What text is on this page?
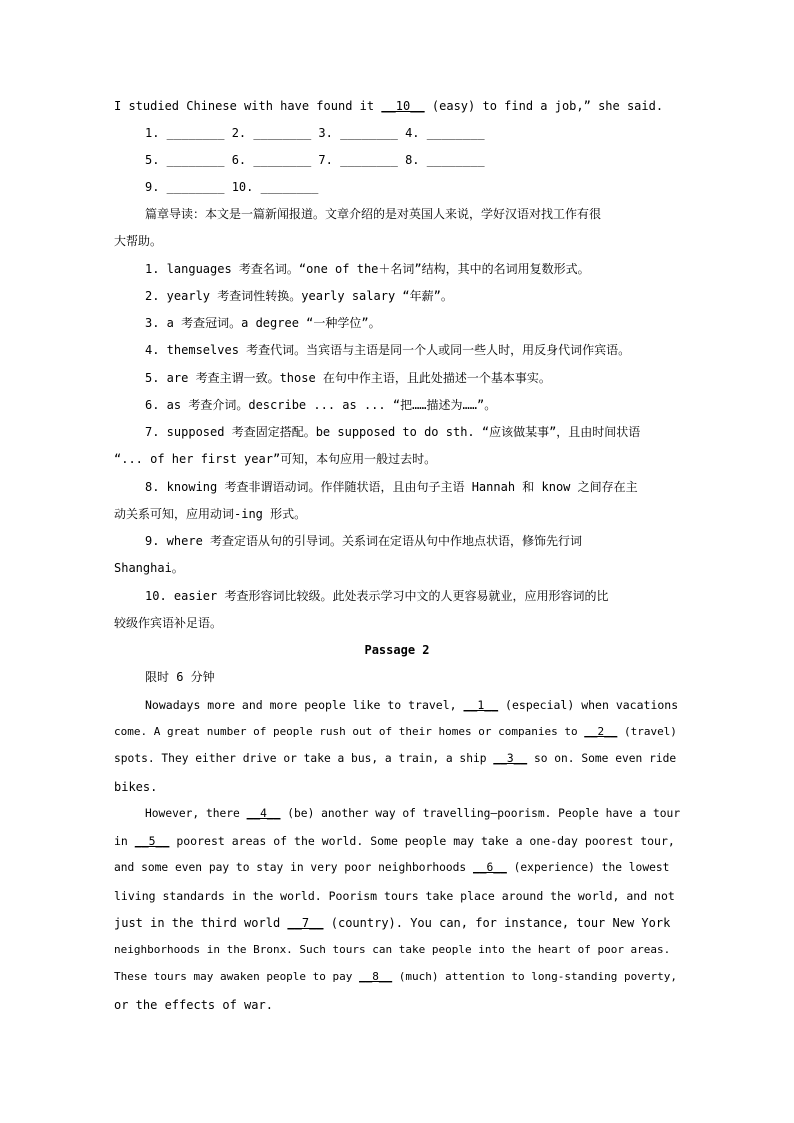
I studied Chinese with have found it __10__ (easy) to find a job,” she said.
1. ________ 2. ________ 3. ________ 4. ________
5. ________ 6. ________ 7. ________ 8. ________
9. ________ 10. ________
篇章导读：本文是一篇新闻报道。文章介绍的是对英国人来说，学好汉语对找工作有很
大帮助。
1. languages 考查名词。“one of the＋名词”结构，其中的名词用复数形式。
2. yearly 考查词性转换。yearly salary “年薪”。
3. a 考查冠词。a degree “一种学位”。
4. themselves 考查代词。当宾语与主语是同一个人或同一些人时，用反身代词作宾语。
5. are 考查主谓一致。those 在句中作主语，且此处描述一个基本事实。
6. as 考查介词。describe ... as ... “把……描述为……”。
7. supposed 考查固定搭配。be supposed to do sth. “应该做某事”，且由时间状语
“... of her first year”可知，本句应用一般过去时。
8. knowing 考查非谓语动词。作伴随状语，且由句子主语 Hannah 和 know 之间存在主
动关系可知，应用动词-ing 形式。
9. where 考查定语从句的引导词。关系词在定语从句中作地点状语，修饰先行词
Shanghai。
10. easier 考查形容词比较级。此处表示学习中文的人更容易就业，应用形容词的比
较级作宾语补足语。
Passage 2
限时 6 分钟
Nowadays more and more people like to travel, __1__ (especial) when vacations
come. A great number of people rush out of their homes or companies to __2__ (travel)
spots. They either drive or take a bus, a train, a ship __3__ so on. Some even ride
bikes.
However, there __4__ (be) another way of travelling—poorism. People have a tour
in __5__ poorest areas of the world. Some people may take a one-day poorest tour,
and some even pay to stay in very poor neighborhoods __6__ (experience) the lowest
living standards in the world. Poorism tours take place around the world, and not
just in the third world __7__ (country). You can, for instance, tour New York
neighborhoods in the Bronx. Such tours can take people into the heart of poor areas.
These tours may awaken people to pay __8__ (much) attention to long-standing poverty,
or the effects of war.
